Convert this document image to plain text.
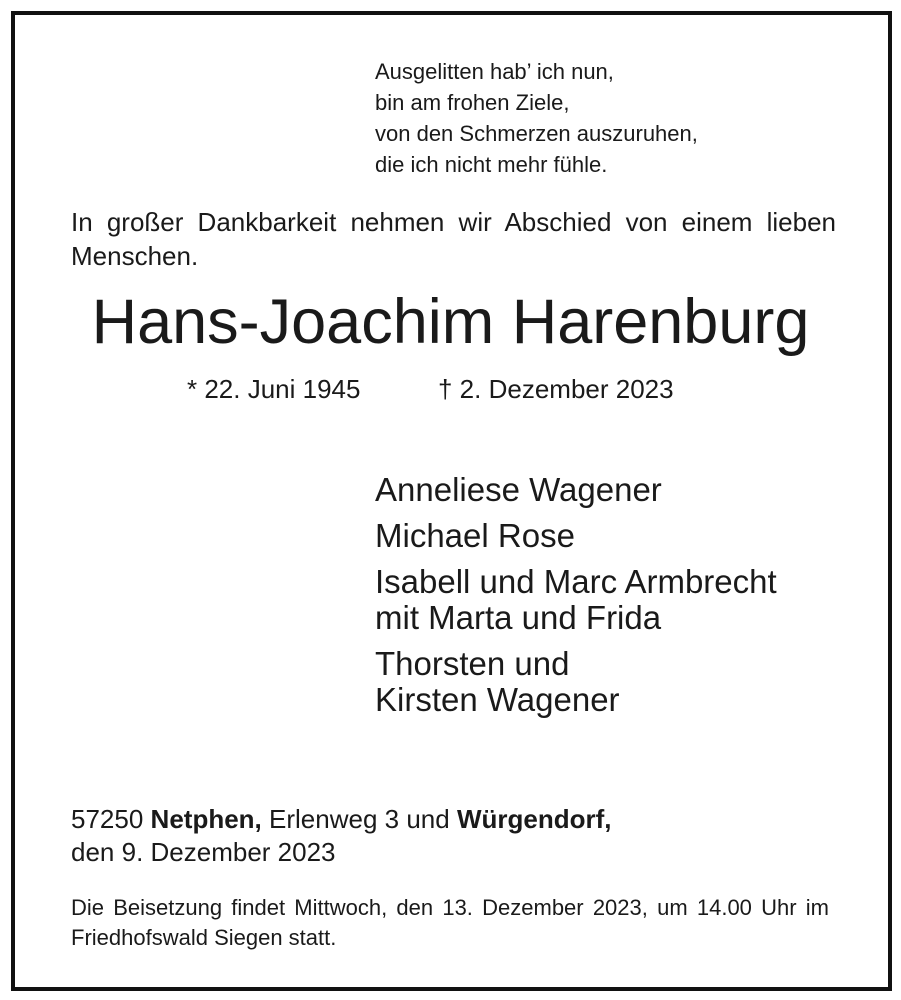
Ausgelitten hab’ ich nun,
bin am frohen Ziele,
von den Schmerzen auszuruhen,
die ich nicht mehr fühle.
In großer Dankbarkeit nehmen wir Abschied von einem lieben Menschen.
Hans-Joachim Harenburg
* 22. Juni 1945	† 2. Dezember 2023
Anneliese Wagener
Michael Rose
Isabell und Marc Armbrecht
mit Marta und Frida
Thorsten und
Kirsten Wagener
57250 Netphen, Erlenweg 3 und Würgendorf,
den 9. Dezember 2023
Die Beisetzung findet Mittwoch, den 13. Dezember 2023, um 14.00 Uhr im Friedhofswald Siegen statt.
